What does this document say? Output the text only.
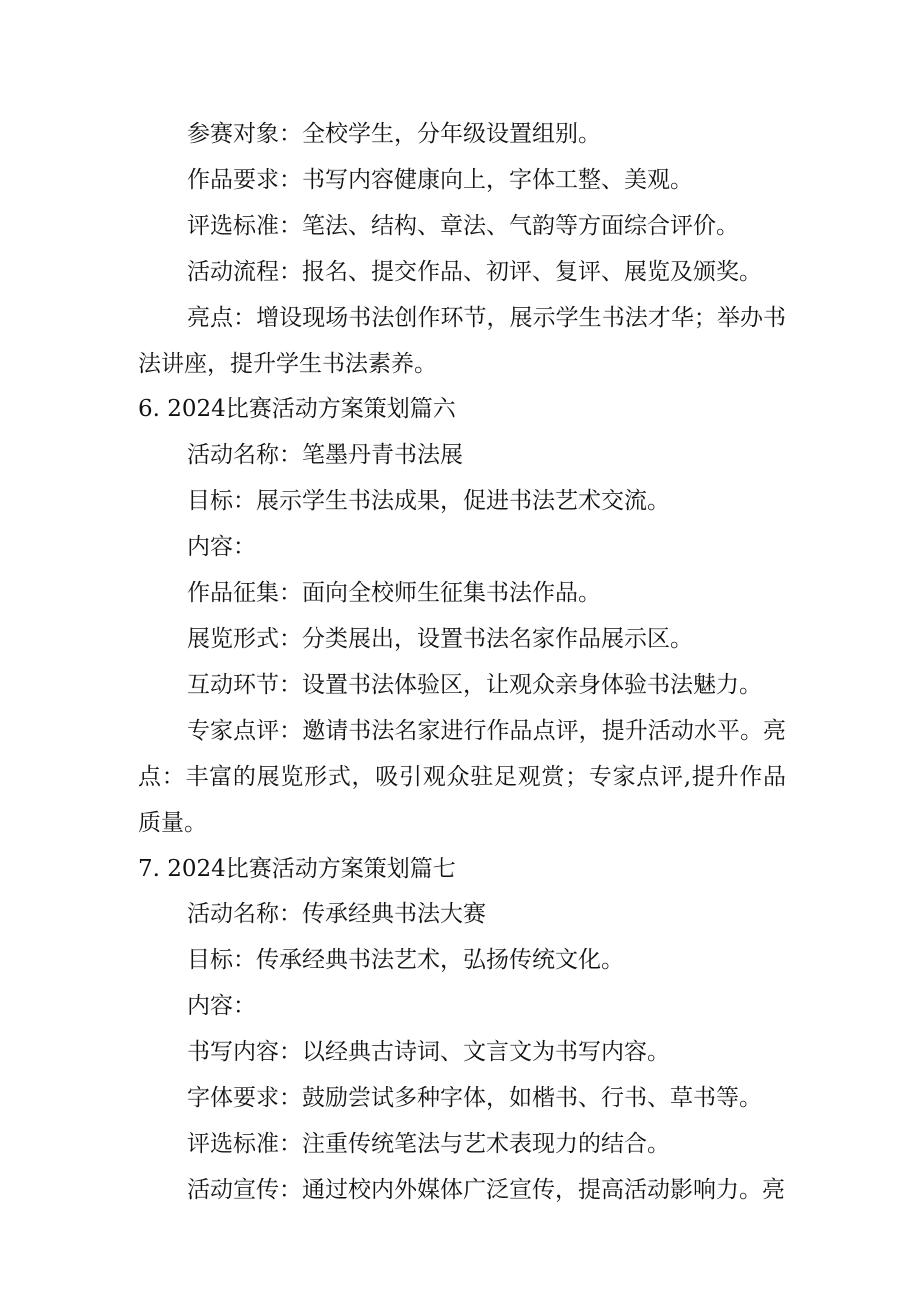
参赛对象：全校学生，分年级设置组别。

作品要求：书写内容健康向上，字体工整、美观。

评选标准：笔法、结构、章法、气韵等方面综合评价。

活动流程：报名、提交作品、初评、复评、展览及颁奖。

亮点：增设现场书法创作环节，展示学生书法才华；举办书法讲座，提升学生书法素养。

6. 2024比赛活动方案策划篇六

活动名称：笔墨丹青书法展

目标：展示学生书法成果，促进书法艺术交流。

内容：

作品征集：面向全校师生征集书法作品。

展览形式：分类展出，设置书法名家作品展示区。

互动环节：设置书法体验区，让观众亲身体验书法魅力。

专家点评：邀请书法名家进行作品点评，提升活动水平。亮点：丰富的展览形式，吸引观众驻足观赏；专家点评,提升作品质量。

7. 2024比赛活动方案策划篇七

活动名称：传承经典书法大赛

目标：传承经典书法艺术，弘扬传统文化。

内容：

书写内容：以经典古诗词、文言文为书写内容。

字体要求：鼓励尝试多种字体，如楷书、行书、草书等。

评选标准：注重传统笔法与艺术表现力的结合。

活动宣传：通过校内外媒体广泛宣传，提高活动影响力。亮
